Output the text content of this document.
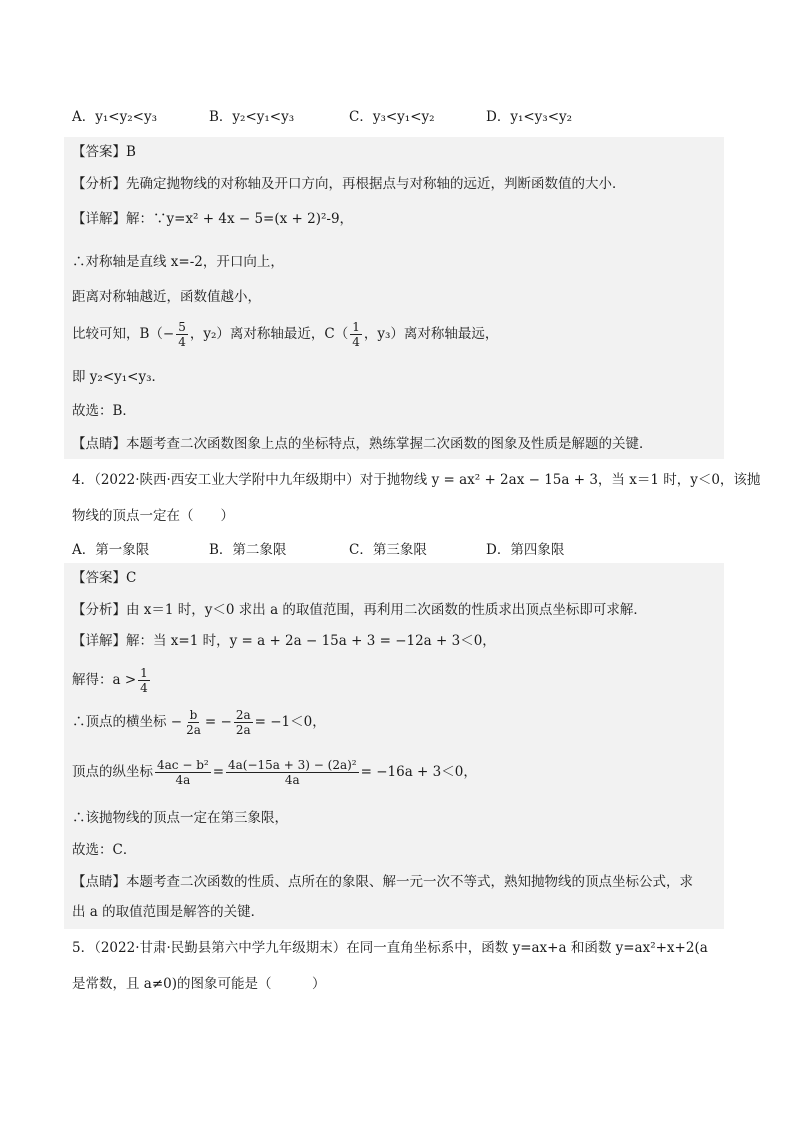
A．y₁<y₂<y₃	B．y₂<y₁<y₃	C．y₃<y₁<y₂	D．y₁<y₃<y₂
【答案】B
【分析】先确定抛物线的对称轴及开口方向，再根据点与对称轴的远近，判断函数值的大小．
【详解】解：∵y=x² + 4x − 5=(x + 2)²-9，
∴对称轴是直线 x=-2，开口向上，
距离对称轴越近，函数值越小，
比较可知，$B(- \frac{5}{4}$ ，y₂）离对称轴最近，$C( \frac{1}{4}$ ，y₃）离对称轴最远，
即 y₂<y₁<y₃．
故选：B．
【点睛】本题考查二次函数图象上点的坐标特点，熟练掌握二次函数的图象及性质是解题的关键．
4．（2022·陕西·西安工业大学附中九年级期中）对于抛物线 y = ax² + 2ax − 15a + 3，当 x＝1 时，y＜0，该抛
物线的顶点一定在（　　）
A．第一象限	B．第二象限	C．第三象限	D．第四象限
【答案】C
【分析】由 x＝1 时，y＜0 求出 a 的取值范围，再利用二次函数的性质求出顶点坐标即可求解．
【详解】解：当 x=1 时，y = a + 2a − 15a + 3 = −12a + 3＜0，
解得：$a > \frac{1}{4}$
∴顶点的横坐标 − $\frac{b}{2a}$ = − $\frac{2a}{2a} = -1<0$，
顶点的纵坐标 $\frac{\text{4ac − b²}}{4a} = \frac{\text{4a(−15a + 3) − (2a)²}}{4a} = -16a + 3<0$，
∴该抛物线的顶点一定在第三象限，
故选：C．
【点睛】本题考查二次函数的性质、点所在的象限、解一元一次不等式，熟知抛物线的顶点坐标公式，求
出 a 的取值范围是解答的关键．
5．（2022·甘肃·民勤县第六中学九年级期末）在同一直角坐标系中，函数 y=ax+a 和函数 y=ax²+x+2(a
是常数，且 a≠0)的图象可能是（　　　）
